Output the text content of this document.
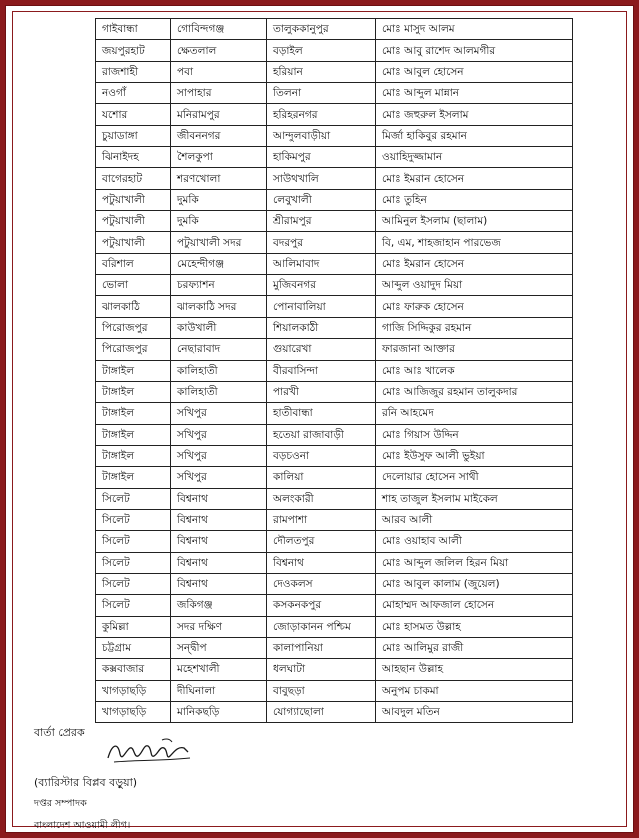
গাইবান্ধা	গোবিন্দগঞ্জ	তালুককানুপুর	মোঃ মাসুদ আলম
জয়পুরহাট	ক্ষেতলাল	বড়াইল	মোঃ আবু রাশেদ আলমগীর
রাজশাহী	পবা	হরিয়ান	মোঃ আবুল হোসেন
নওগাঁ	সাপাহার	তিলনা	মোঃ আব্দুল মান্নান
যশোর	মনিরামপুর	হরিহরনগর	মোঃ জহুরুল ইসলাম
চুয়াডাঙ্গা	জীবননগর	আন্দুলবাড়ীয়া	মির্জা হাকিবুর রহমান
ঝিনাইদহ	শৈলকুপা	হাকিমপুর	ওয়াহিদুজ্জামান
বাগেরহাট	শরণখোলা	সাউথখালি	মোঃ ইমরান হোসেন
পটুয়াখালী	দুমকি	লেবুখালী	মোঃ তুহিন
পটুয়াখালী	দুমকি	শ্রীরামপুর	আমিনুল ইসলাম (ছালাম)
পটুয়াখালী	পটুয়াখালী সদর	বদরপুর	বি, এম, শাহজাহান পারভেজ
বরিশাল	মেহেন্দীগঞ্জ	আলিমাবাদ	মোঃ ইমরান হোসেন
ভোলা	চরফ্যাশন	মুজিবনগর	আব্দুল ওয়াদুদ মিয়া
ঝালকাঠি	ঝালকাঠি সদর	পোনাবালিয়া	মোঃ ফারুক হোসেন
পিরোজপুর	কাউখালী	শিয়ালকাঠী	গাজি সিদ্দিকুর রহমান
পিরোজপুর	নেছারাবাদ	গুয়ারেখা	ফারজানা আক্তার
টাঙ্গাইল	কালিহাতী	বীরবাসিন্দা	মোঃ আঃ খালেক
টাঙ্গাইল	কালিহাতী	পারখী	মোঃ আজিজুর রহমান তালুকদার
টাঙ্গাইল	সখিপুর	হাতীবান্ধা	রনি আহমেদ
টাঙ্গাইল	সখিপুর	হতেয়া রাজাবাড়ী	মোঃ গিয়াস উদ্দিন
টাঙ্গাইল	সখিপুর	বড়চওনা	মোঃ ইউসুফ আলী ভুইয়া
টাঙ্গাইল	সখিপুর	কালিয়া	দেলোয়ার হোসেন সাথী
সিলেট	বিশ্বনাথ	অলংকারী	শাহ তাজুল ইসলাম মাইকেল
সিলেট	বিশ্বনাথ	রামপাশা	আরব আলী
সিলেট	বিশ্বনাথ	দৌলতপুর	মোঃ ওয়াহাব আলী
সিলেট	বিশ্বনাথ	বিশ্বনাথ	মোঃ আব্দুল জলিল হিরন মিয়া
সিলেট	বিশ্বনাথ	দেওকলস	মোঃ আবুল কালাম (জুয়েল)
সিলেট	জকিগঞ্জ	কসকনকপুর	মোহাম্মদ আফজাল হোসেন
কুমিল্লা	সদর দক্ষিণ	জোড়াকানন পশ্চিম	মোঃ হাসমত উল্লাহ
চট্টগ্রাম	সন্দ্বীপ	কালাপানিয়া	মোঃ আলিমুর রাজী
কক্সবাজার	মহেশখালী	ধলঘাটা	আহছান উল্লাহ
খাগড়াছড়ি	দীঘিনালা	বাবুছড়া	অনুপম চাকমা
খাগড়াছড়ি	মানিকছড়ি	যোগ্যাছোলা	আবদুল মতিন
বার্তা প্রেরক
(ব্যারিস্টার বিপ্লব বড়ুয়া)
দপ্তর সম্পাদক
বাংলাদেশ আওয়ামী লীগ।
